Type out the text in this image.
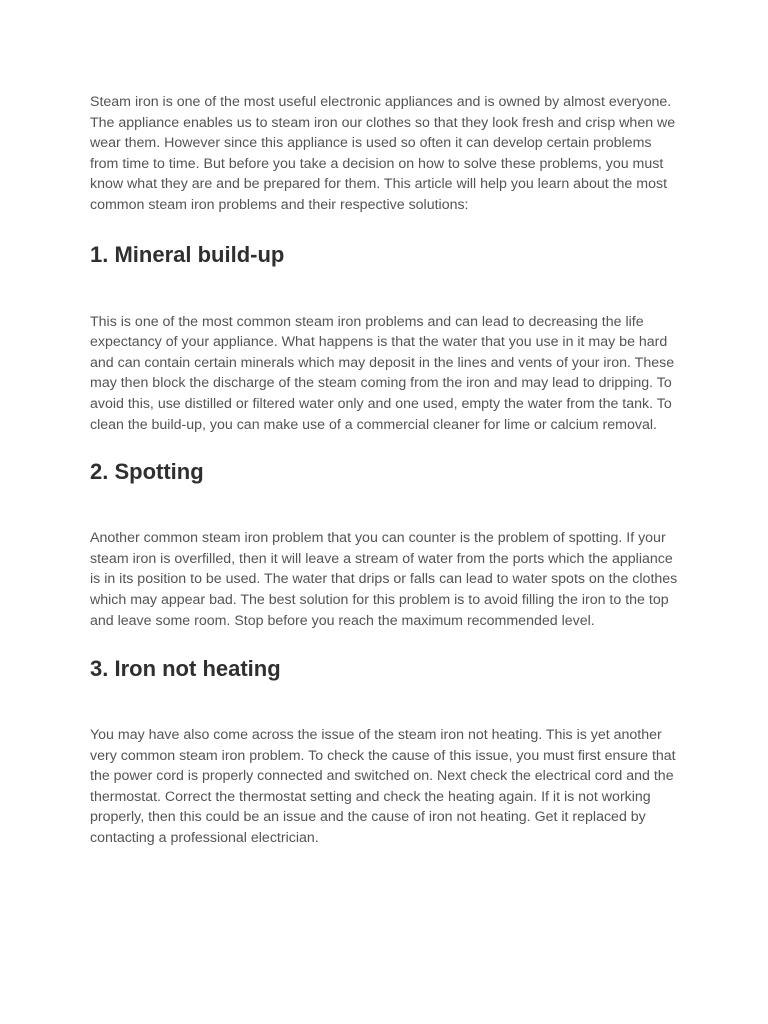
Steam iron is one of the most useful electronic appliances and is owned by almost everyone. The appliance enables us to steam iron our clothes so that they look fresh and crisp when we wear them. However since this appliance is used so often it can develop certain problems from time to time. But before you take a decision on how to solve these problems, you must know what they are and be prepared for them. This article will help you learn about the most common steam iron problems and their respective solutions:

1. Mineral build-up

This is one of the most common steam iron problems and can lead to decreasing the life expectancy of your appliance. What happens is that the water that you use in it may be hard and can contain certain minerals which may deposit in the lines and vents of your iron. These may then block the discharge of the steam coming from the iron and may lead to dripping. To avoid this, use distilled or filtered water only and one used, empty the water from the tank. To clean the build-up, you can make use of a commercial cleaner for lime or calcium removal.

2. Spotting

Another common steam iron problem that you can counter is the problem of spotting. If your steam iron is overfilled, then it will leave a stream of water from the ports which the appliance is in its position to be used. The water that drips or falls can lead to water spots on the clothes which may appear bad. The best solution for this problem is to avoid filling the iron to the top and leave some room. Stop before you reach the maximum recommended level.

3. Iron not heating

You may have also come across the issue of the steam iron not heating. This is yet another very common steam iron problem. To check the cause of this issue, you must first ensure that the power cord is properly connected and switched on. Next check the electrical cord and the thermostat. Correct the thermostat setting and check the heating again. If it is not working properly, then this could be an issue and the cause of iron not heating. Get it replaced by contacting a professional electrician.
